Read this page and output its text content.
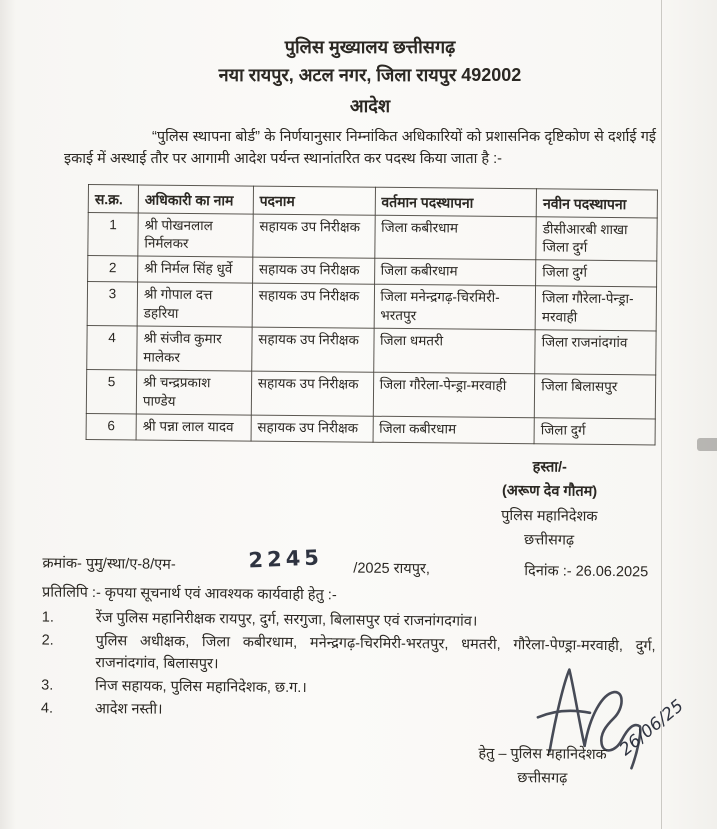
पुलिस मुख्यालय छत्तीसगढ़
नया रायपुर, अटल नगर, जिला रायपुर 492002
आदेश
“पुलिस स्थापना बोर्ड” के निर्णयानुसार निम्नांकित अधिकारियों को प्रशासनिक दृष्टिकोण से दर्शाई गई इकाई में अस्थाई तौर पर आगामी आदेश पर्यन्त स्थानांतरित कर पदस्थ किया जाता है :-
स.क्र.	अधिकारी का नाम	पदनाम	वर्तमान पदस्थापना	नवीन पदस्थापना
1	श्री पोखनलाल निर्मलकर	सहायक उप निरीक्षक	जिला कबीरधाम	डीसीआरबी शाखा जिला दुर्ग
2	श्री निर्मल सिंह धुर्वे	सहायक उप निरीक्षक	जिला कबीरधाम	जिला दुर्ग
3	श्री गोपाल दत्त डहरिया	सहायक उप निरीक्षक	जिला मनेन्द्रगढ़-चिरमिरी-भरतपुर	जिला गौरेला-पेन्ड्रा-मरवाही
4	श्री संजीव कुमार मालेकर	सहायक उप निरीक्षक	जिला धमतरी	जिला राजनांदगांव
5	श्री चन्द्रप्रकाश पाण्डेय	सहायक उप निरीक्षक	जिला गौरेला-पेन्ड्रा-मरवाही	जिला बिलासपुर
6	श्री पन्ना लाल यादव	सहायक उप निरीक्षक	जिला कबीरधाम	जिला दुर्ग
हस्ता/-
(अरूण देव गौतम)
पुलिस महानिदेशक
छत्तीसगढ़
क्रमांक- पुमु/स्था/ए-8/एम-	2245 /2025 रायपुर,	दिनांक :- 26.06.2025
प्रतिलिपि :- कृपया सूचनार्थ एवं आवश्यक कार्यवाही हेतु :-
1.	रेंज पुलिस महानिरीक्षक रायपुर, दुर्ग, सरगुजा, बिलासपुर एवं राजनांगदगांव।
2.	पुलिस अधीक्षक, जिला कबीरधाम, मनेन्द्रगढ़-चिरमिरी-भरतपुर, धमतरी, गौरेला-पेण्ड्रा-मरवाही, दुर्ग, राजनांदगांव, बिलासपुर।
3.	निज सहायक, पुलिस महानिदेशक, छ.ग.।
4.	आदेश नस्ती।	26/06/25
हेतु – पुलिस महानिदेशक
छत्तीसगढ़
